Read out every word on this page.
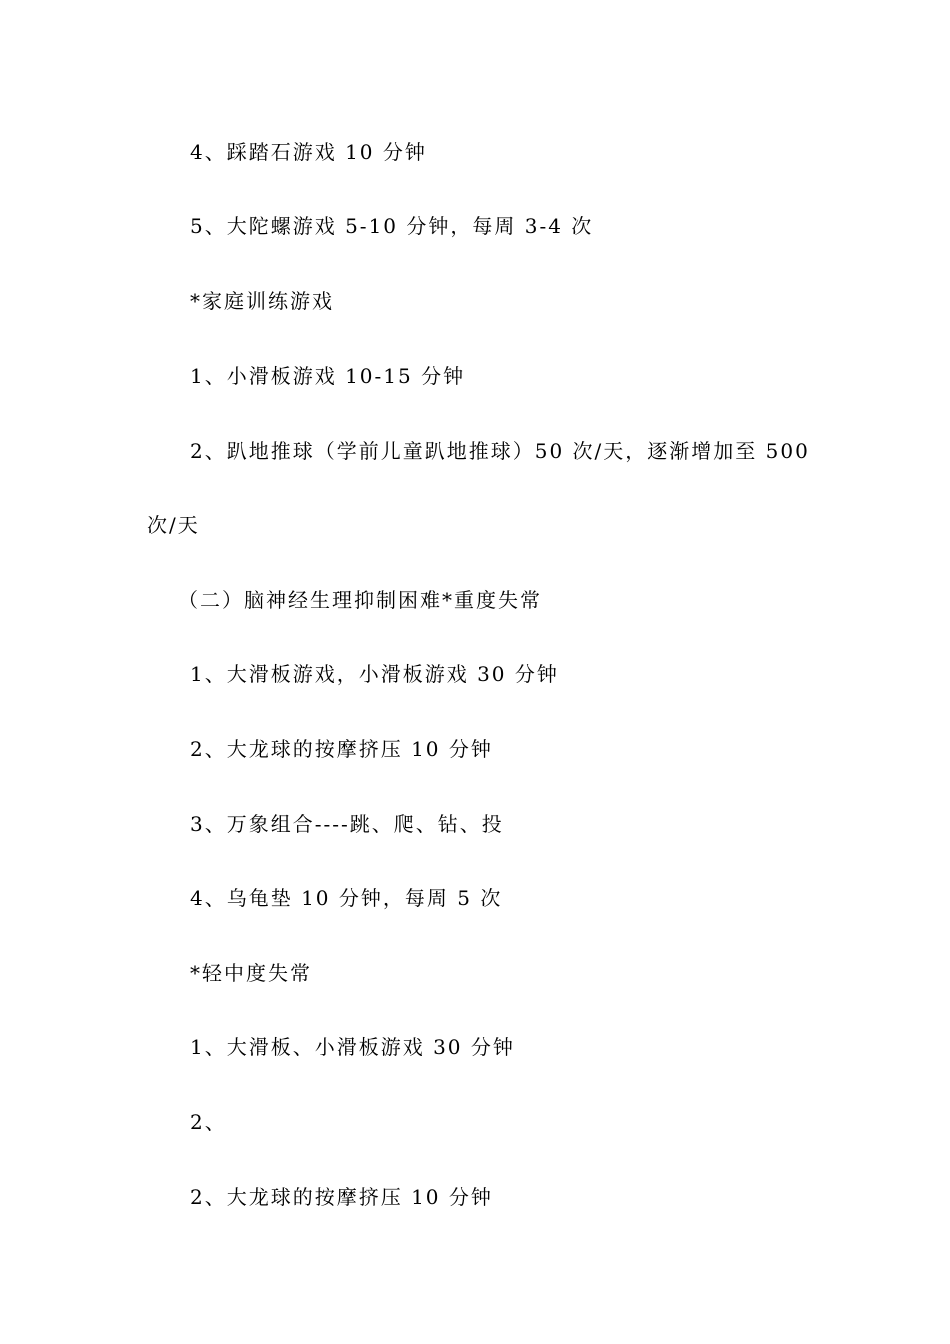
4、踩踏石游戏 10 分钟
5、大陀螺游戏 5-10 分钟，每周 3-4 次
*家庭训练游戏
1、小滑板游戏 10-15 分钟
2、趴地推球（学前儿童趴地推球）50 次/天，逐渐增加至 500
次/天
（二）脑神经生理抑制困难*重度失常
1、大滑板游戏，小滑板游戏 30 分钟
2、大龙球的按摩挤压 10 分钟
3、万象组合----跳、爬、钻、投
4、乌龟垫 10 分钟，每周 5 次
*轻中度失常
1、大滑板、小滑板游戏 30 分钟
2、
2、大龙球的按摩挤压 10 分钟
